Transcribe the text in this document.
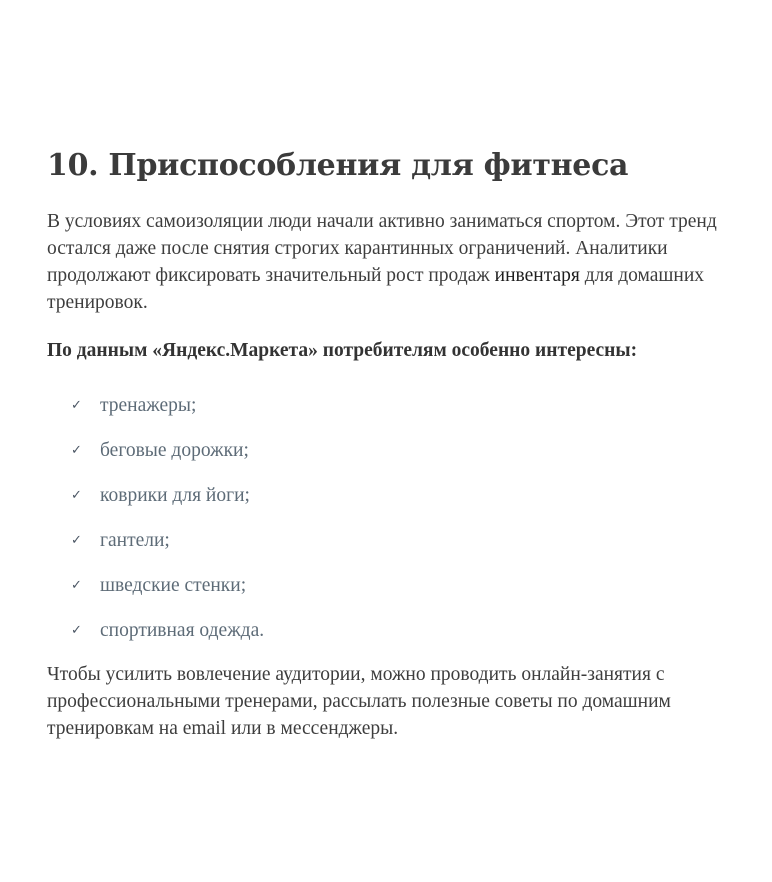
10. Приспособления для фитнеса

В условиях самоизоляции люди начали активно заниматься спортом. Этот тренд остался даже после снятия строгих карантинных ограничений. Аналитики продолжают фиксировать значительный рост продаж инвентаря для домашних тренировок.

По данным «Яндекс.Маркета» потребителям особенно интересны:

✓ тренажеры;
✓ беговые дорожки;
✓ коврики для йоги;
✓ гантели;
✓ шведские стенки;
✓ спортивная одежда.

Чтобы усилить вовлечение аудитории, можно проводить онлайн-занятия с профессиональными тренерами, рассылать полезные советы по домашним тренировкам на email или в мессенджеры.
